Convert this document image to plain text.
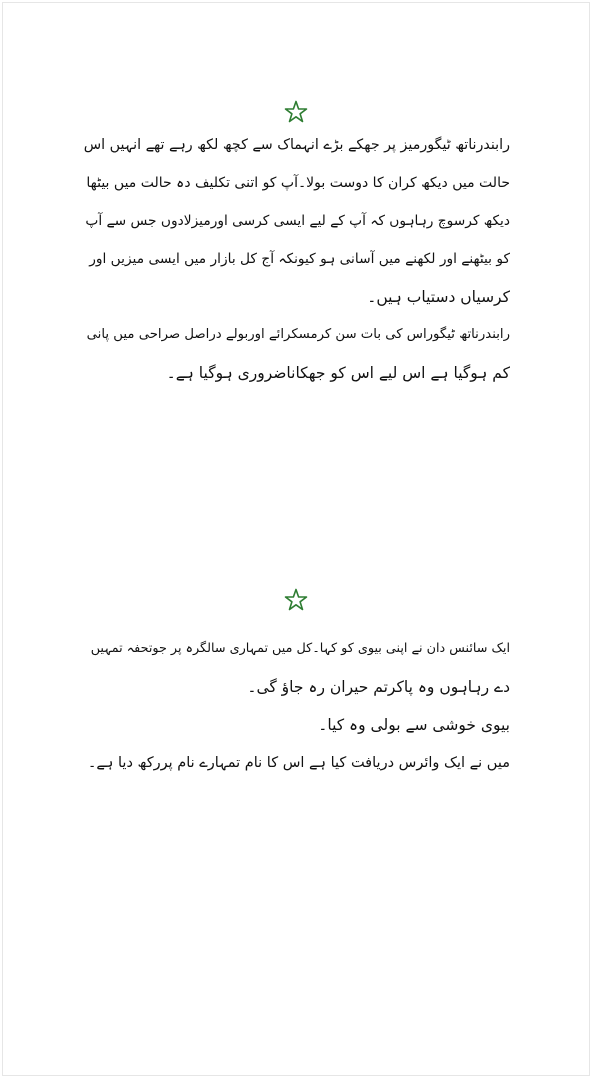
رابندرناتھ ٹیگورمیز پر جھکے بڑے انہماک سے کچھ لکھ رہے تھے انہیں اس
حالت میں دیکھ کران کا دوست بولا۔آپ کو اتنی تکلیف دہ حالت میں بیٹھا
دیکھ کرسوچ رہاہوں کہ آپ کے لیے ایسی کرسی اورمیزلادوں جس سے آپ
کو بیٹھنے اور لکھنے میں آسانی ہو کیونکہ آج کل بازار میں ایسی میزیں اور
کرسیاں دستیاب ہیں۔
رابندرناتھ ٹیگوراس کی بات سن کرمسکرائے اوربولے دراصل صراحی میں پانی
کم ہوگیا ہے اس لیے اس کو جھکاناضروری ہوگیا ہے۔
ایک سائنس دان نے اپنی بیوی کو کہا۔کل میں تمہاری سالگرہ پر جوتحفہ تمہیں
دے رہاہوں وہ پاکرتم حیران رہ جاؤ گی۔
بیوی خوشی سے بولی وہ کیا۔
میں نے ایک وائرس دریافت کیا ہے اس کا نام تمہارے نام پررکھ دیا ہے۔
